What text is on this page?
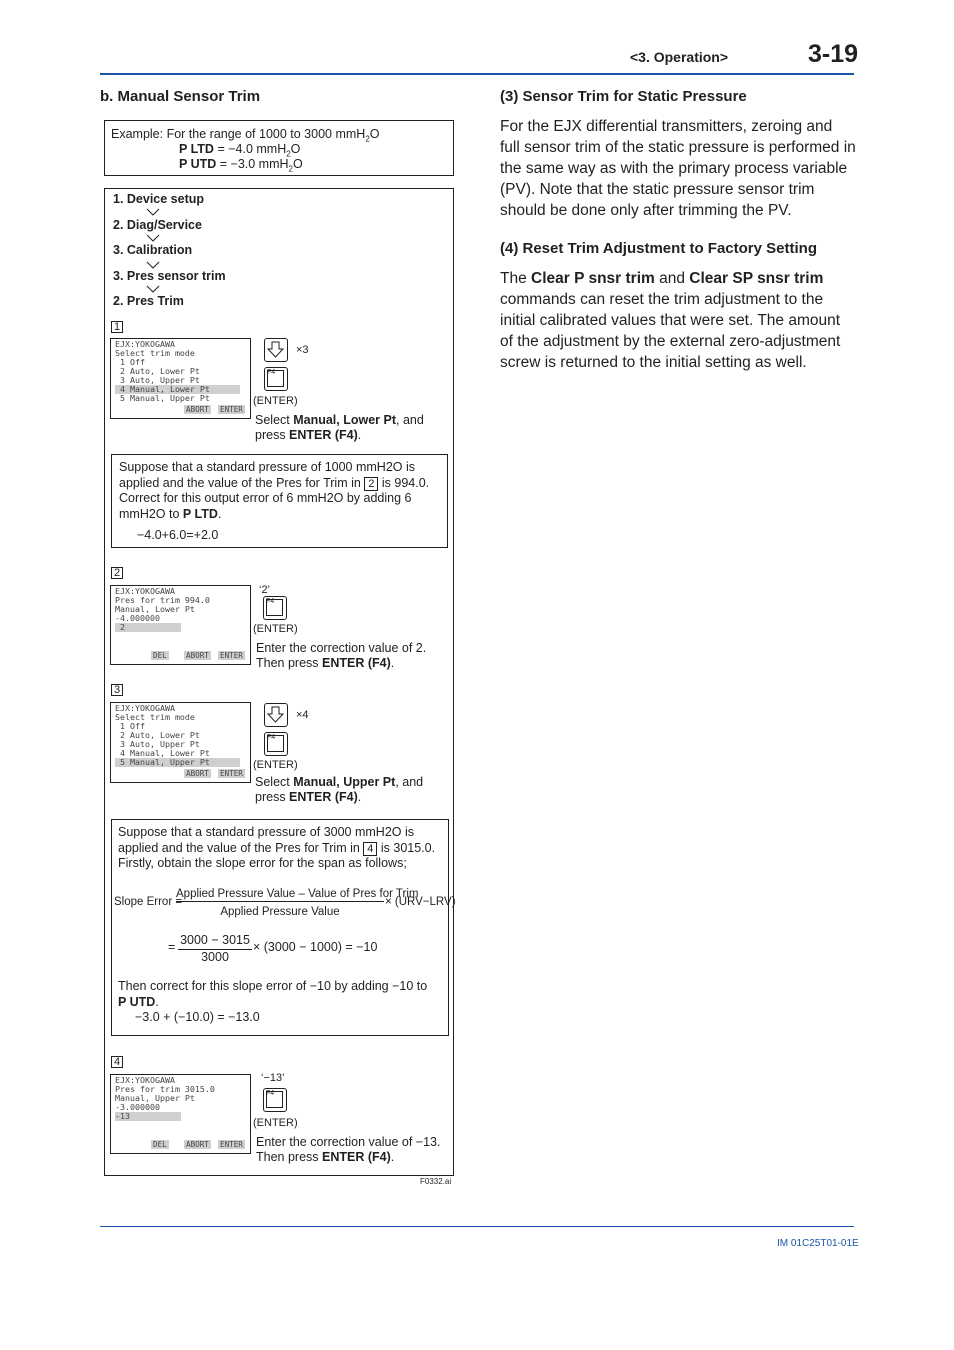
<3. Operation>	3-19
b. Manual Sensor Trim
Example: For the range of 1000 to 3000 mmH$_2$O
P LTD = −4.0 mmH$_2$O
P UTD = −3.0 mmH$_2$O
1. Device setup
2. Diag/Service
3. Calibration
3. Pres sensor trim
2. Pres Trim
1
EJX:YOKOGAWA
Select trim mode
1 Off
2 Auto, Lower Pt
3 Auto, Upper Pt
4 Manual, Lower Pt
5 Manual, Upper Pt
ABORT ENTER
×3
F4
(ENTER)
Select Manual, Lower Pt, and
press ENTER (F4).
Suppose that a standard pressure of 1000 mmH2O is
applied and the value of the Pres for Trim in 2 is 994.0.
Correct for this output error of 6 mmH2O by adding 6
mmH2O to P LTD.
−4.0+6.0=+2.0
2
EJX:YOKOGAWA
Pres for trim 994.0
Manual, Lower Pt
-4.000000
2
DEL	ABORT ENTER
‘2’
F4
(ENTER)
Enter the correction value of 2.
Then press ENTER (F4).
3
EJX:YOKOGAWA
Select trim mode
1 Off
2 Auto, Lower Pt
3 Auto, Upper Pt
4 Manual, Lower Pt
5 Manual, Upper Pt
ABORT ENTER
×4
F4
(ENTER)
Select Manual, Upper Pt, and
press ENTER (F4).
Suppose that a standard pressure of 3000 mmH2O is
applied and the value of the Pres for Trim in 4 is 3015.0.
Firstly, obtain the slope error for the span as follows;
Slope Error =
Applied Pressure Value – Value of Pres for Trim
Applied Pressure Value
× (URV−LRV)
= 3000 − 3015
3000
× (3000 − 1000) = −10
Then correct for this slope error of −10 by adding −10 to
P UTD.
−3.0 + (−10.0) = −13.0
4
EJX:YOKOGAWA
Pres for trim 3015.0
Manual, Upper Pt
-3.000000
-13
DEL	ABORT ENTER
‘−13’
F4
(ENTER)
Enter the correction value of −13.
Then press ENTER (F4).
F0332.ai
(3) Sensor Trim for Static Pressure
For the EJX differential transmitters, zeroing and
full sensor trim of the static pressure is performed in
the same way as with the primary process variable
(PV). Note that the static pressure sensor trim
should be done only after trimming the PV.
(4) Reset Trim Adjustment to Factory Setting
The Clear P snsr trim and Clear SP snsr trim
commands can reset the trim adjustment to the
initial calibrated values that were set. The amount
of the adjustment by the external zero-adjustment
screw is returned to the initial setting as well.
IM 01C25T01-01E
